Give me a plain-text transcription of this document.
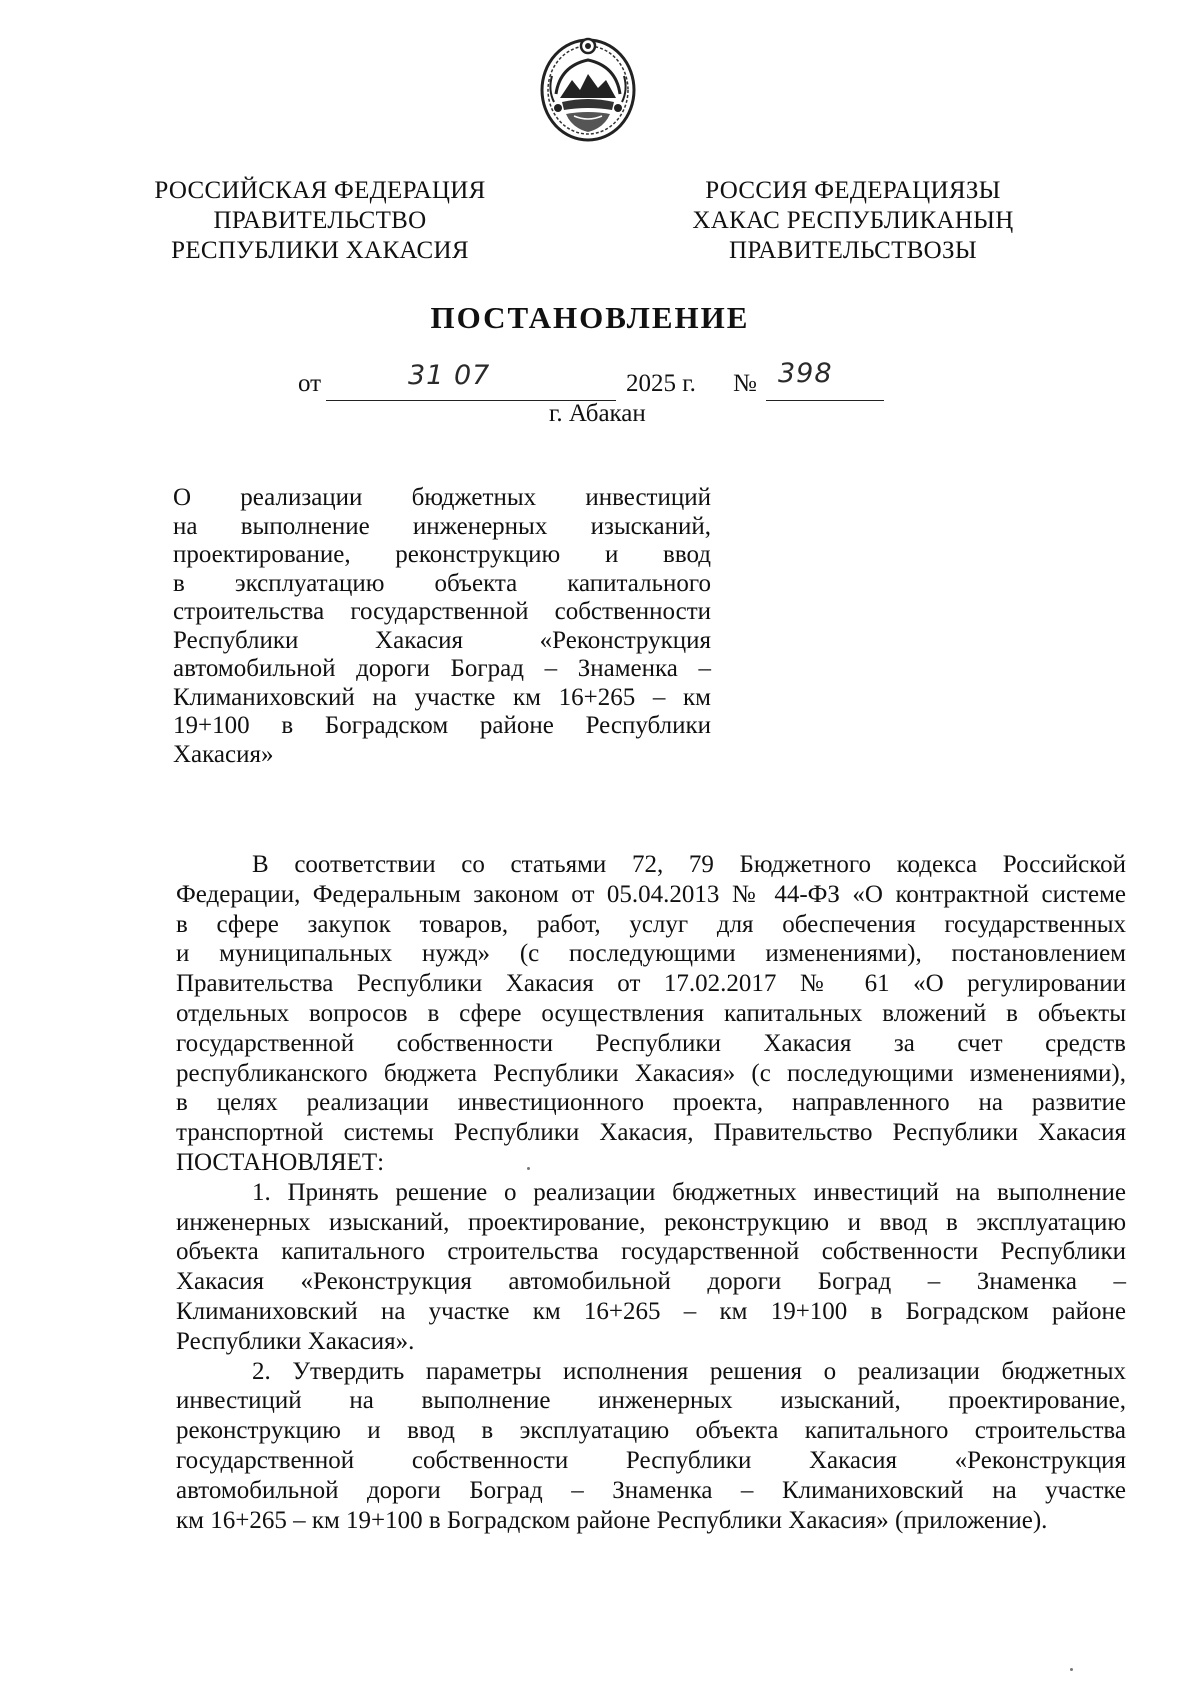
РОССИЙСКАЯ ФЕДЕРАЦИЯ
ПРАВИТЕЛЬСТВО
РЕСПУБЛИКИ ХАКАСИЯ
РОССИЯ ФЕДЕРАЦИЯЗЫ
ХАКАС РЕСПУБЛИКАНЫҢ
ПРАВИТЕЛЬСТВОЗЫ
ПОСТАНОВЛЕНИЕ
от	31 07	2025 г. № 398
г. Абакан
О реализации бюджетных инвестиций
на выполнение инженерных изысканий,
проектирование, реконструкцию и ввод
в эксплуатацию объекта капитального
строительства государственной собственности
Республики Хакасия «Реконструкция
автомобильной дороги Боград – Знаменка –
Климаниховский на участке км 16+265 – км
19+100 в Боградском районе Республики
Хакасия»
В соответствии со статьями 72, 79 Бюджетного кодекса Российской
Федерации, Федеральным законом от 05.04.2013 № 44-ФЗ «О контрактной системе
в сфере закупок товаров, работ, услуг для обеспечения государственных
и муниципальных нужд» (с последующими изменениями), постановлением
Правительства Республики Хакасия от 17.02.2017 № 61 «О регулировании
отдельных вопросов в сфере осуществления капитальных вложений в объекты
государственной собственности Республики Хакасия за счет средств
республиканского бюджета Республики Хакасия» (с последующими изменениями),
в целях реализации инвестиционного проекта, направленного на развитие
транспортной системы Республики Хакасия, Правительство Республики Хакасия
ПОСТАНОВЛЯЕТ:
1. Принять решение о реализации бюджетных инвестиций на выполнение
инженерных изысканий, проектирование, реконструкцию и ввод в эксплуатацию
объекта капитального строительства государственной собственности Республики
Хакасия «Реконструкция автомобильной дороги Боград – Знаменка –
Климаниховский на участке км 16+265 – км 19+100 в Боградском районе
Республики Хакасия».
2. Утвердить параметры исполнения решения о реализации бюджетных
инвестиций на выполнение инженерных изысканий, проектирование,
реконструкцию и ввод в эксплуатацию объекта капитального строительства
государственной собственности Республики Хакасия «Реконструкция
автомобильной дороги Боград – Знаменка – Климаниховский на участке
км 16+265 – км 19+100 в Боградском районе Республики Хакасия» (приложение).
